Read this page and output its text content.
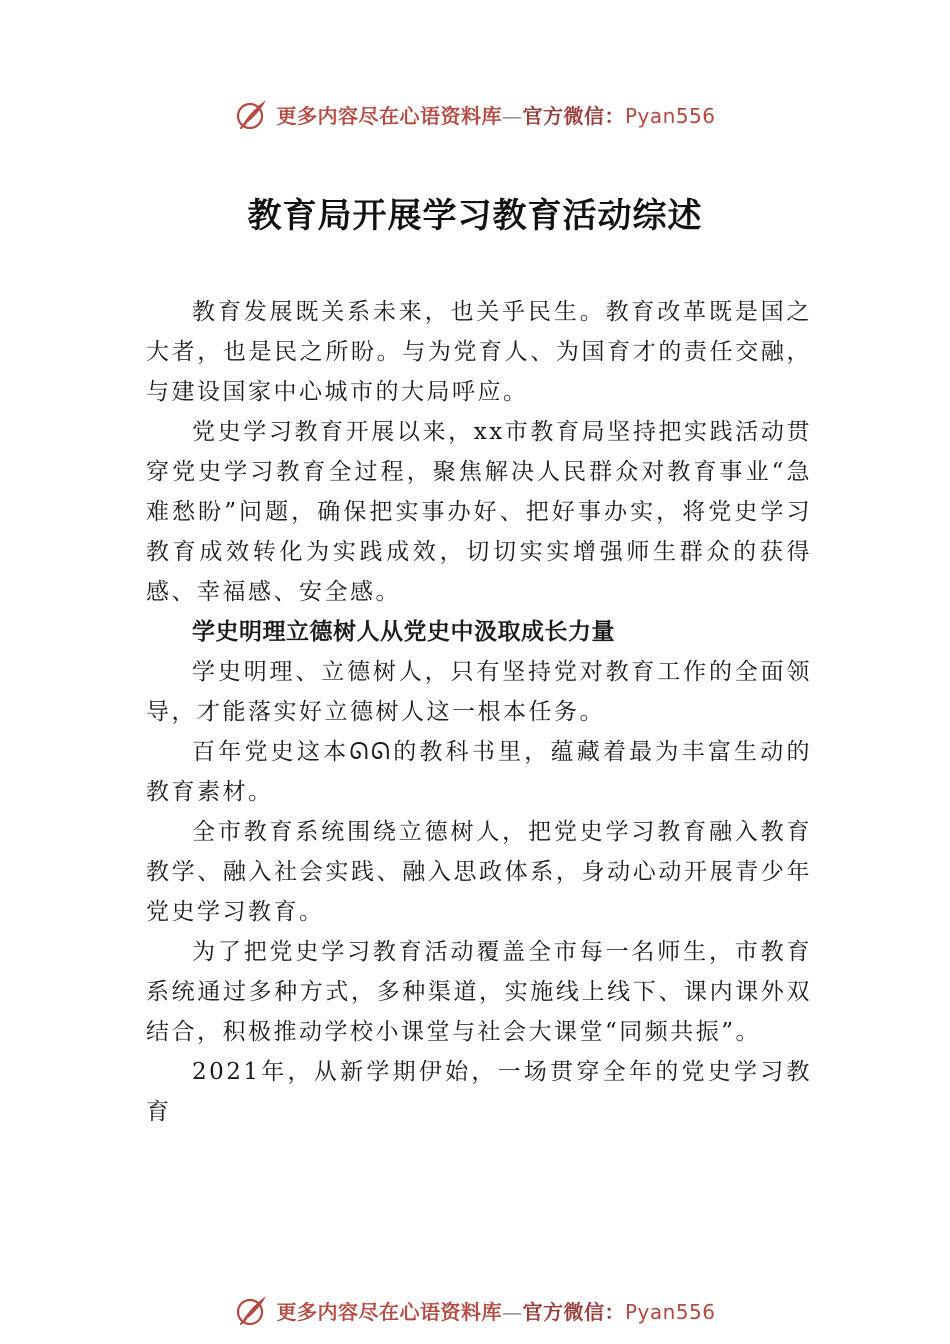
更多内容尽在心语资料库—官方微信：Pyan556
教育局开展学习教育活动综述

教育发展既关系未来，也关乎民生。教育改革既是国之大者，也是民之所盼。与为党育人、为国育才的责任交融， 与建设国家中心城市的大局呼应。

党史学习教育开展以来，xx市教育局坚持把实践活动贯穿党史学习教育全过程，聚焦解决人民群众对教育事业“急难愁盼”问题，确保把实事办好、把好事办实，将党史学习教育成效转化为实践成效，切切实实增强师生群众的获得感、幸福感、安全感。

学史明理立德树人从党史中汲取成长力量

学史明理、立德树人，只有坚持党对教育工作的全面领导，才能落实好立德树人这一根本任务。

百年党史这本ᘏᘏ的教科书里，蕴藏着最为丰富生动的教育素材。

全市教育系统围绕立德树人，把党史学习教育融入教育教学、融入社会实践、融入思政体系，身动心动开展青少年党史学习教育。

为了把党史学习教育活动覆盖全市每一名师生，市教育系统通过多种方式，多种渠道，实施线上线下、课内课外双结合，积极推动学校小课堂与社会大课堂“同频共振”。

2021年，从新学期伊始，一场贯穿全年的党史学习教育

更多内容尽在心语资料库—官方微信：Pyan556
